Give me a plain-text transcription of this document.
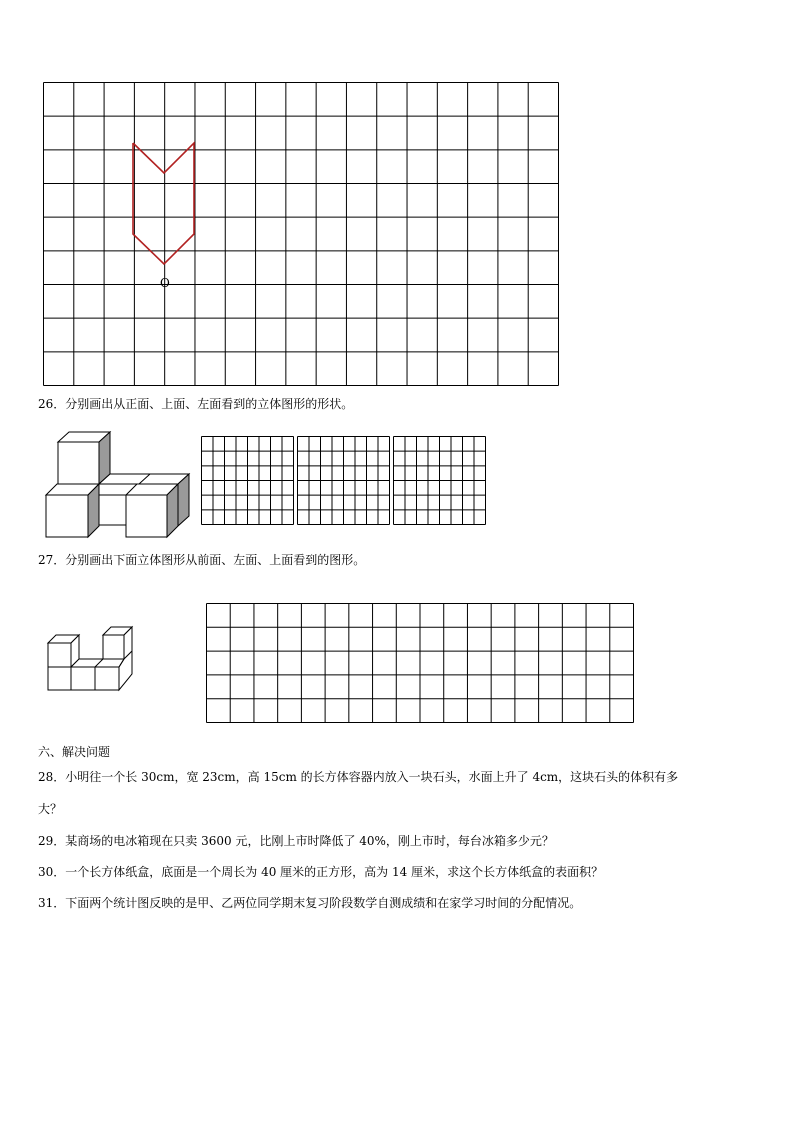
O
26．分别画出从正面、上面、左面看到的立体图形的形状。
27．分别画出下面立体图形从前面、左面、上面看到的图形。
六、解决问题
28．小明往一个长 30cm，宽 23cm，高 15cm 的长方体容器内放入一块石头，水面上升了 4cm，这块石头的体积有多
大？
29．某商场的电冰箱现在只卖 3600 元，比刚上市时降低了 40%，刚上市时，每台冰箱多少元？
30．一个长方体纸盒，底面是一个周长为 40 厘米的正方形，高为 14 厘米，求这个长方体纸盒的表面积？
31．下面两个统计图反映的是甲、乙两位同学期末复习阶段数学自测成绩和在家学习时间的分配情况。
